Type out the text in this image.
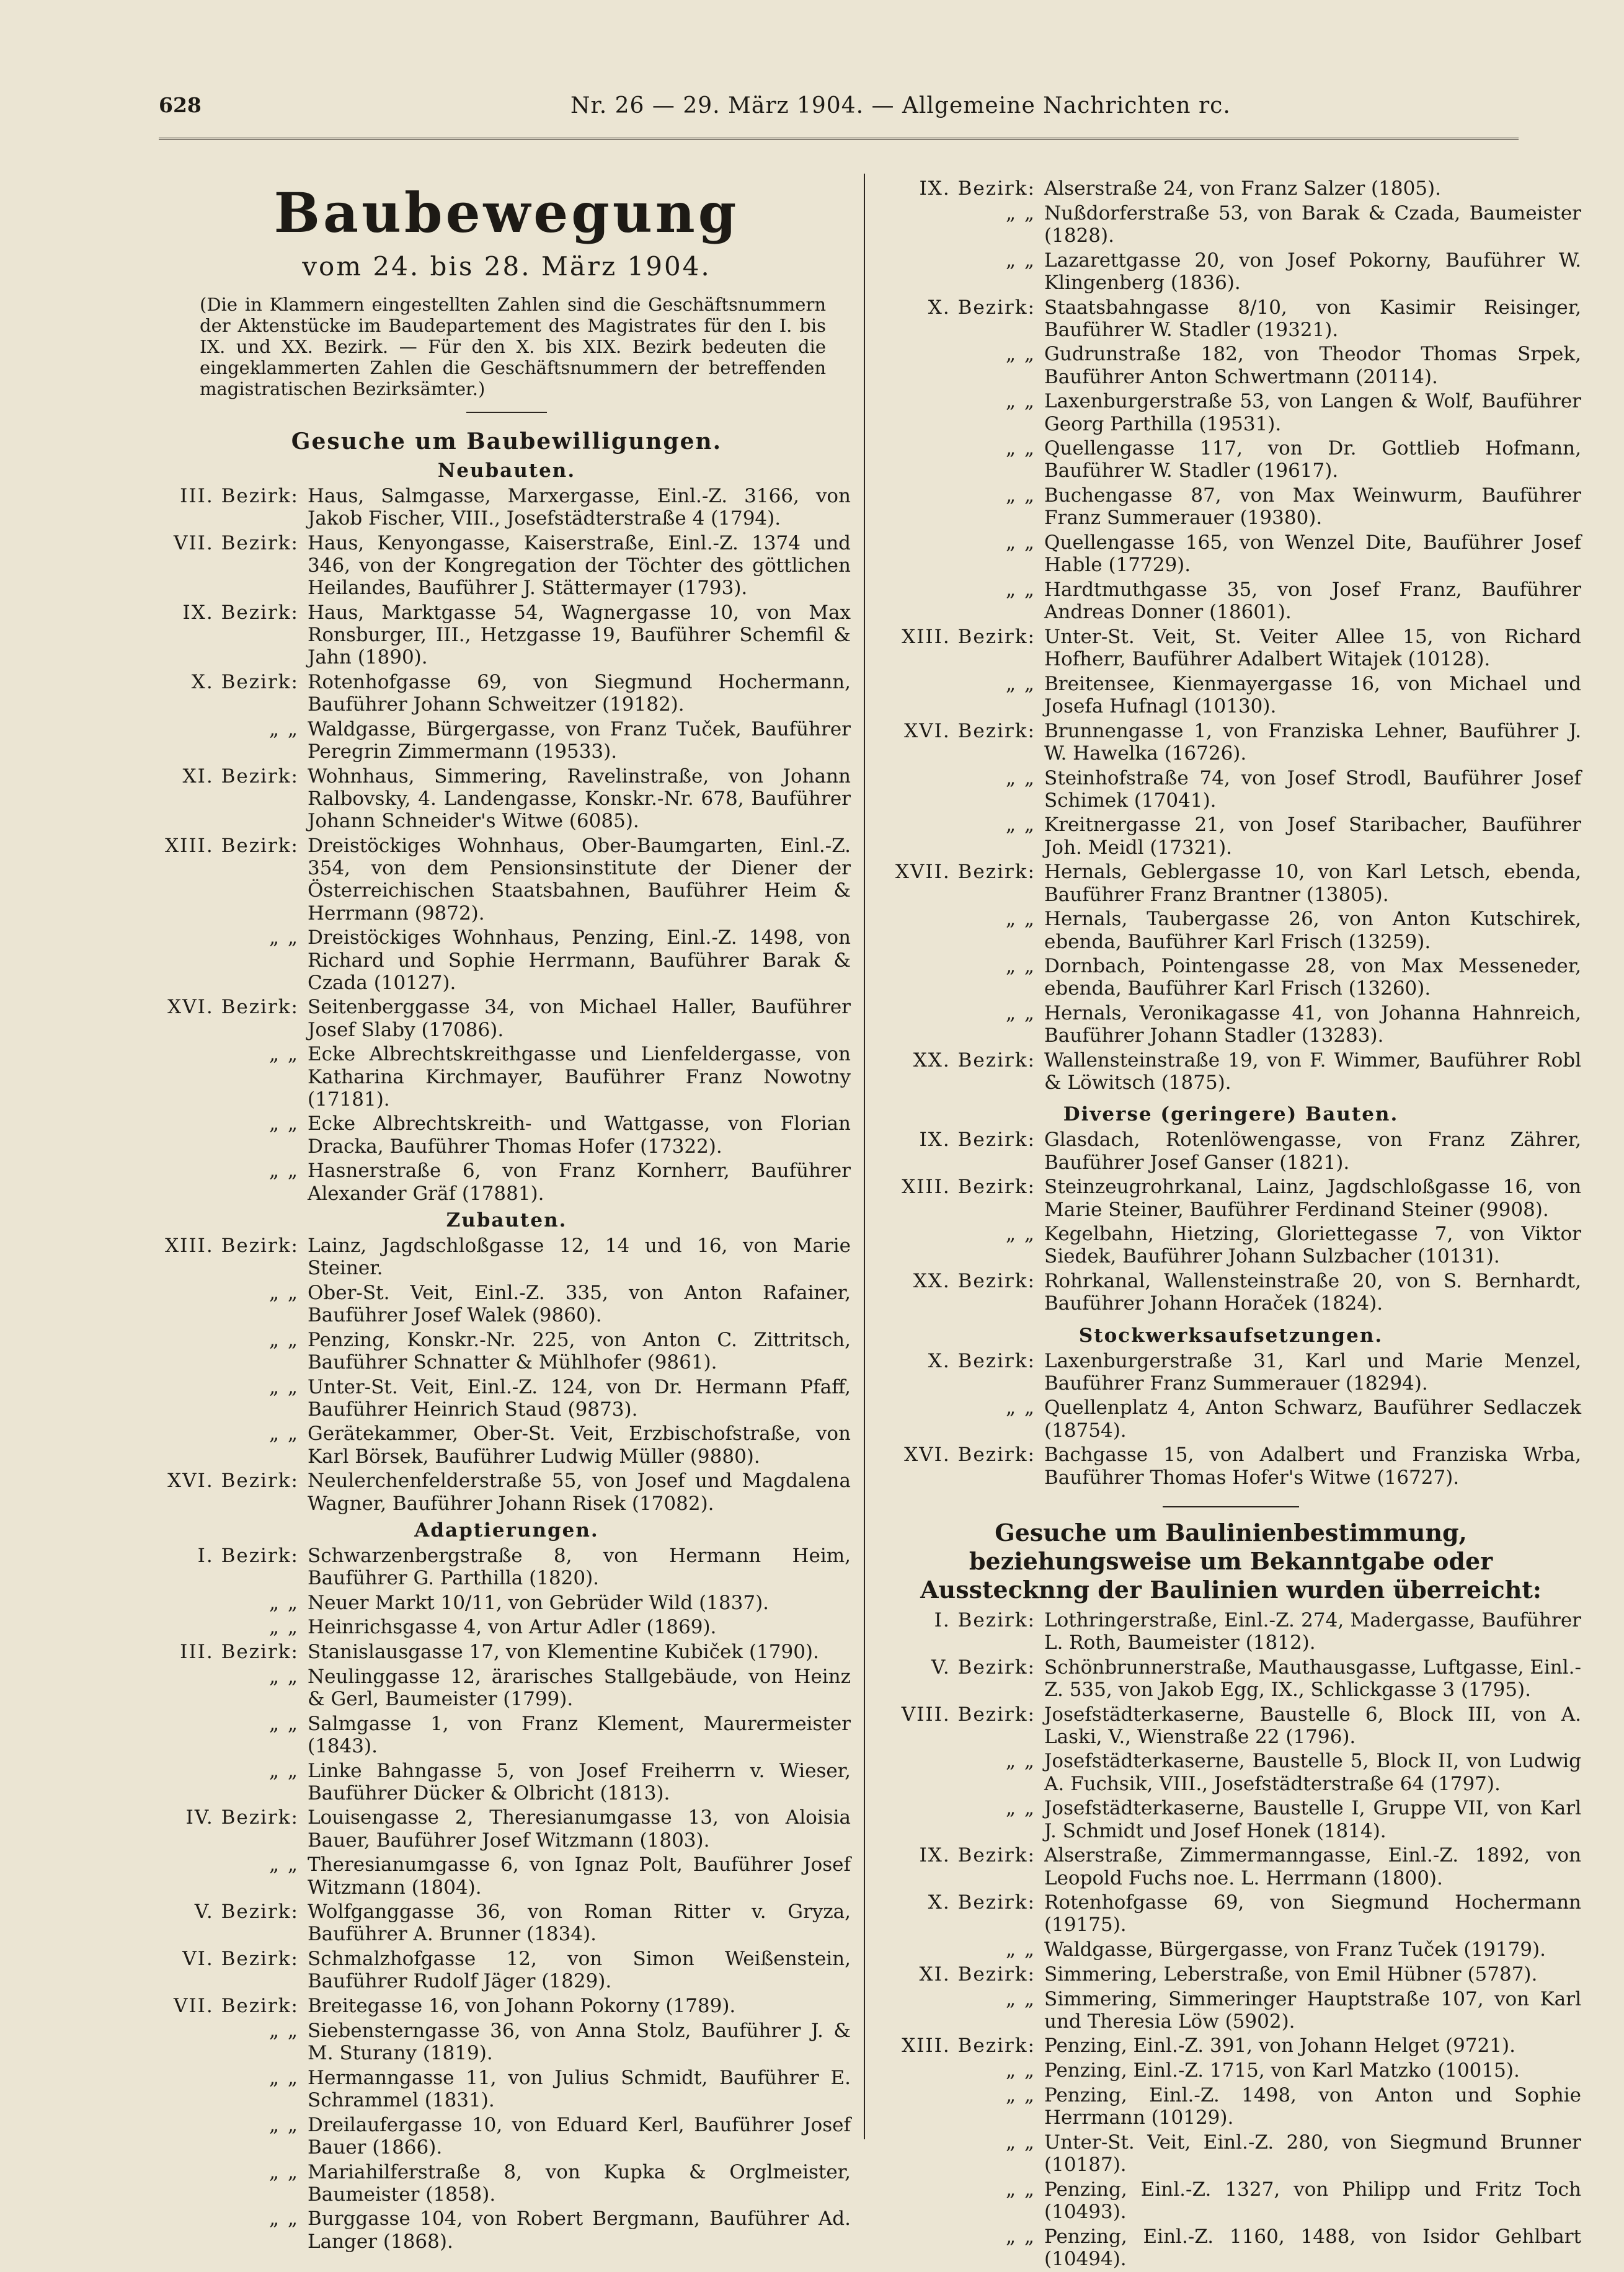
628	Nr. 26 — 29. März 1904. — Allgemeine Nachrichten rc.
Baubewegung
vom 24. bis 28. März 1904.
(Die in Klammern eingestellten Zahlen sind die Geschäftsnummern der Aktenstücke im Baudepartement des Magistrates für den I. bis IX. und XX. Bezirk. — Für den X. bis XIX. Bezirk bedeuten die eingeklammerten Zahlen die Geschäftsnummern der betreffenden magistratischen Bezirksämter.)
Gesuche um Baubewilligungen.
Neubauten.
III. Bezirk: Haus, Salmgasse, Marxergasse, Einl.-Z. 3166, von Jakob Fischer, VIII., Josefstädterstraße 4 (1794).
VII. Bezirk: Haus, Kenyongasse, Kaiserstraße, Einl.-Z. 1374 und 346, von der Kongregation der Töchter des göttlichen Heilandes, Bauführer J. Stättermayer (1793).
IX. Bezirk: Haus, Marktgasse 54, Wagnergasse 10, von Max Ronsburger, III., Hetzgasse 19, Bauführer Schemfil & Jahn (1890).
X. Bezirk: Rotenhofgasse 69, von Siegmund Hochermann, Bauführer Johann Schweitzer (19182).
„ „ Waldgasse, Bürgergasse, von Franz Tuček, Bauführer Peregrin Zimmermann (19533).
XI. Bezirk: Wohnhaus, Simmering, Ravelinstraße, von Johann Ralbovsky, 4. Landengasse, Konskr.-Nr. 678, Bauführer Johann Schneider's Witwe (6085).
XIII. Bezirk: Dreistöckiges Wohnhaus, Ober-Baumgarten, Einl.-Z. 354, von dem Pensionsinstitute der Diener der Österreichischen Staatsbahnen, Bauführer Heim & Herrmann (9872).
„ „ Dreistöckiges Wohnhaus, Penzing, Einl.-Z. 1498, von Richard und Sophie Herrmann, Bauführer Barak & Czada (10127).
XVI. Bezirk: Seitenberggasse 34, von Michael Haller, Bauführer Josef Slaby (17086).
„ „ Ecke Albrechtskreithgasse und Lienfeldergasse, von Katharina Kirchmayer, Bauführer Franz Nowotny (17181).
„ „ Ecke Albrechtskreith- und Wattgasse, von Florian Dracka, Bauführer Thomas Hofer (17322).
„ „ Hasnerstraße 6, von Franz Kornherr, Bauführer Alexander Gräf (17881).
Zubauten.
XIII. Bezirk: Lainz, Jagdschloßgasse 12, 14 und 16, von Marie Steiner.
„ „ Ober-St. Veit, Einl.-Z. 335, von Anton Rafainer, Bauführer Josef Walek (9860).
„ „ Penzing, Konskr.-Nr. 225, von Anton C. Zittritsch, Bauführer Schnatter & Mühlhofer (9861).
„ „ Unter-St. Veit, Einl.-Z. 124, von Dr. Hermann Pfaff, Bauführer Heinrich Staud (9873).
„ „ Gerätekammer, Ober-St. Veit, Erzbischofstraße, von Karl Börsek, Bauführer Ludwig Müller (9880).
XVI. Bezirk: Neulerchenfelderstraße 55, von Josef und Magdalena Wagner, Bauführer Johann Risek (17082).
Adaptierungen.
I. Bezirk: Schwarzenbergstraße 8, von Hermann Heim, Bauführer G. Parthilla (1820).
„ „ Neuer Markt 10/11, von Gebrüder Wild (1837).
„ „ Heinrichsgasse 4, von Artur Adler (1869).
III. Bezirk: Stanislausgasse 17, von Klementine Kubiček (1790).
„ „ Neulinggasse 12, ärarisches Stallgebäude, von Heinz & Gerl, Baumeister (1799).
„ „ Salmgasse 1, von Franz Klement, Maurermeister (1843).
„ „ Linke Bahngasse 5, von Josef Freiherrn v. Wieser, Bauführer Dücker & Olbricht (1813).
IV. Bezirk: Louisengasse 2, Theresianumgasse 13, von Aloisia Bauer, Bauführer Josef Witzmann (1803).
„ „ Theresianumgasse 6, von Ignaz Polt, Bauführer Josef Witzmann (1804).
V. Bezirk: Wolfganggasse 36, von Roman Ritter v. Gryza, Bauführer A. Brunner (1834).
VI. Bezirk: Schmalzhofgasse 12, von Simon Weißenstein, Bauführer Rudolf Jäger (1829).
VII. Bezirk: Breitegasse 16, von Johann Pokorny (1789).
„ „ Siebensterngasse 36, von Anna Stolz, Bauführer J. & M. Sturany (1819).
„ „ Hermanngasse 11, von Julius Schmidt, Bauführer E. Schrammel (1831).
„ „ Dreilaufergasse 10, von Eduard Kerl, Bauführer Josef Bauer (1866).
„ „ Mariahilferstraße 8, von Kupka & Orglmeister, Baumeister (1858).
„ „ Burggasse 104, von Robert Bergmann, Bauführer Ad. Langer (1868).
IX. Bezirk: Alserstraße 24, von Franz Salzer (1805).
„ „ Nußdorferstraße 53, von Barak & Czada, Baumeister (1828).
„ „ Lazarettgasse 20, von Josef Pokorny, Bauführer W. Klingenberg (1836).
X. Bezirk: Staatsbahngasse 8/10, von Kasimir Reisinger, Bauführer W. Stadler (19321).
„ „ Gudrunstraße 182, von Theodor Thomas Srpek, Bauführer Anton Schwertmann (20114).
„ „ Laxenburgerstraße 53, von Langen & Wolf, Bauführer Georg Parthilla (19531).
„ „ Quellengasse 117, von Dr. Gottlieb Hofmann, Bauführer W. Stadler (19617).
„ „ Buchengasse 87, von Max Weinwurm, Bauführer Franz Summerauer (19380).
„ „ Quellengasse 165, von Wenzel Dite, Bauführer Josef Hable (17729).
„ „ Hardtmuthgasse 35, von Josef Franz, Bauführer Andreas Donner (18601).
XIII. Bezirk: Unter-St. Veit, St. Veiter Allee 15, von Richard Hofherr, Bauführer Adalbert Witajek (10128).
„ „ Breitensee, Kienmayergasse 16, von Michael und Josefa Hufnagl (10130).
XVI. Bezirk: Brunnengasse 1, von Franziska Lehner, Bauführer J. W. Hawelka (16726).
„ „ Steinhofstraße 74, von Josef Strodl, Bauführer Josef Schimek (17041).
„ „ Kreitnergasse 21, von Josef Staribacher, Bauführer Joh. Meidl (17321).
XVII. Bezirk: Hernals, Geblergasse 10, von Karl Letsch, ebenda, Bauführer Franz Brantner (13805).
„ „ Hernals, Taubergasse 26, von Anton Kutschirek, ebenda, Bauführer Karl Frisch (13259).
„ „ Dornbach, Pointengasse 28, von Max Messeneder, ebenda, Bauführer Karl Frisch (13260).
„ „ Hernals, Veronikagasse 41, von Johanna Hahnreich, Bauführer Johann Stadler (13283).
XX. Bezirk: Wallensteinstraße 19, von F. Wimmer, Bauführer Robl & Löwitsch (1875).
Diverse (geringere) Bauten.
IX. Bezirk: Glasdach, Rotenlöwengasse, von Franz Zährer, Bauführer Josef Ganser (1821).
XIII. Bezirk: Steinzeugrohrkanal, Lainz, Jagdschloßgasse 16, von Marie Steiner, Bauführer Ferdinand Steiner (9908).
„ „ Kegelbahn, Hietzing, Gloriettegasse 7, von Viktor Siedek, Bauführer Johann Sulzbacher (10131).
XX. Bezirk: Rohrkanal, Wallensteinstraße 20, von S. Bernhardt, Bauführer Johann Horaček (1824).
Stockwerksaufsetzungen.
X. Bezirk: Laxenburgerstraße 31, Karl und Marie Menzel, Bauführer Franz Summerauer (18294).
„ „ Quellenplatz 4, Anton Schwarz, Bauführer Sedlaczek (18754).
XVI. Bezirk: Bachgasse 15, von Adalbert und Franziska Wrba, Bauführer Thomas Hofer's Witwe (16727).
Gesuche um Baulinienbestimmung, beziehungsweise um Bekanntgabe oder Ausstecknng der Baulinien wurden überreicht:
I. Bezirk: Lothringerstraße, Einl.-Z. 274, Madergasse, Bauführer L. Roth, Baumeister (1812).
V. Bezirk: Schönbrunnerstraße, Mauthausgasse, Luftgasse, Einl.-Z. 535, von Jakob Egg, IX., Schlickgasse 3 (1795).
VIII. Bezirk: Josefstädterkaserne, Baustelle 6, Block III, von A. Laski, V., Wienstraße 22 (1796).
„ „ Josefstädterkaserne, Baustelle 5, Block II, von Ludwig A. Fuchsik, VIII., Josefstädterstraße 64 (1797).
„ „ Josefstädterkaserne, Baustelle I, Gruppe VII, von Karl J. Schmidt und Josef Honek (1814).
IX. Bezirk: Alserstraße, Zimmermanngasse, Einl.-Z. 1892, von Leopold Fuchs noe. L. Herrmann (1800).
X. Bezirk: Rotenhofgasse 69, von Siegmund Hochermann (19175).
„ „ Waldgasse, Bürgergasse, von Franz Tuček (19179).
XI. Bezirk: Simmering, Leberstraße, von Emil Hübner (5787).
„ „ Simmering, Simmeringer Hauptstraße 107, von Karl und Theresia Löw (5902).
XIII. Bezirk: Penzing, Einl.-Z. 391, von Johann Helget (9721).
„ „ Penzing, Einl.-Z. 1715, von Karl Matzko (10015).
„ „ Penzing, Einl.-Z. 1498, von Anton und Sophie Herrmann (10129).
„ „ Unter-St. Veit, Einl.-Z. 280, von Siegmund Brunner (10187).
„ „ Penzing, Einl.-Z. 1327, von Philipp und Fritz Toch (10493).
„ „ Penzing, Einl.-Z. 1160, 1488, von Isidor Gehlbart (10494).
